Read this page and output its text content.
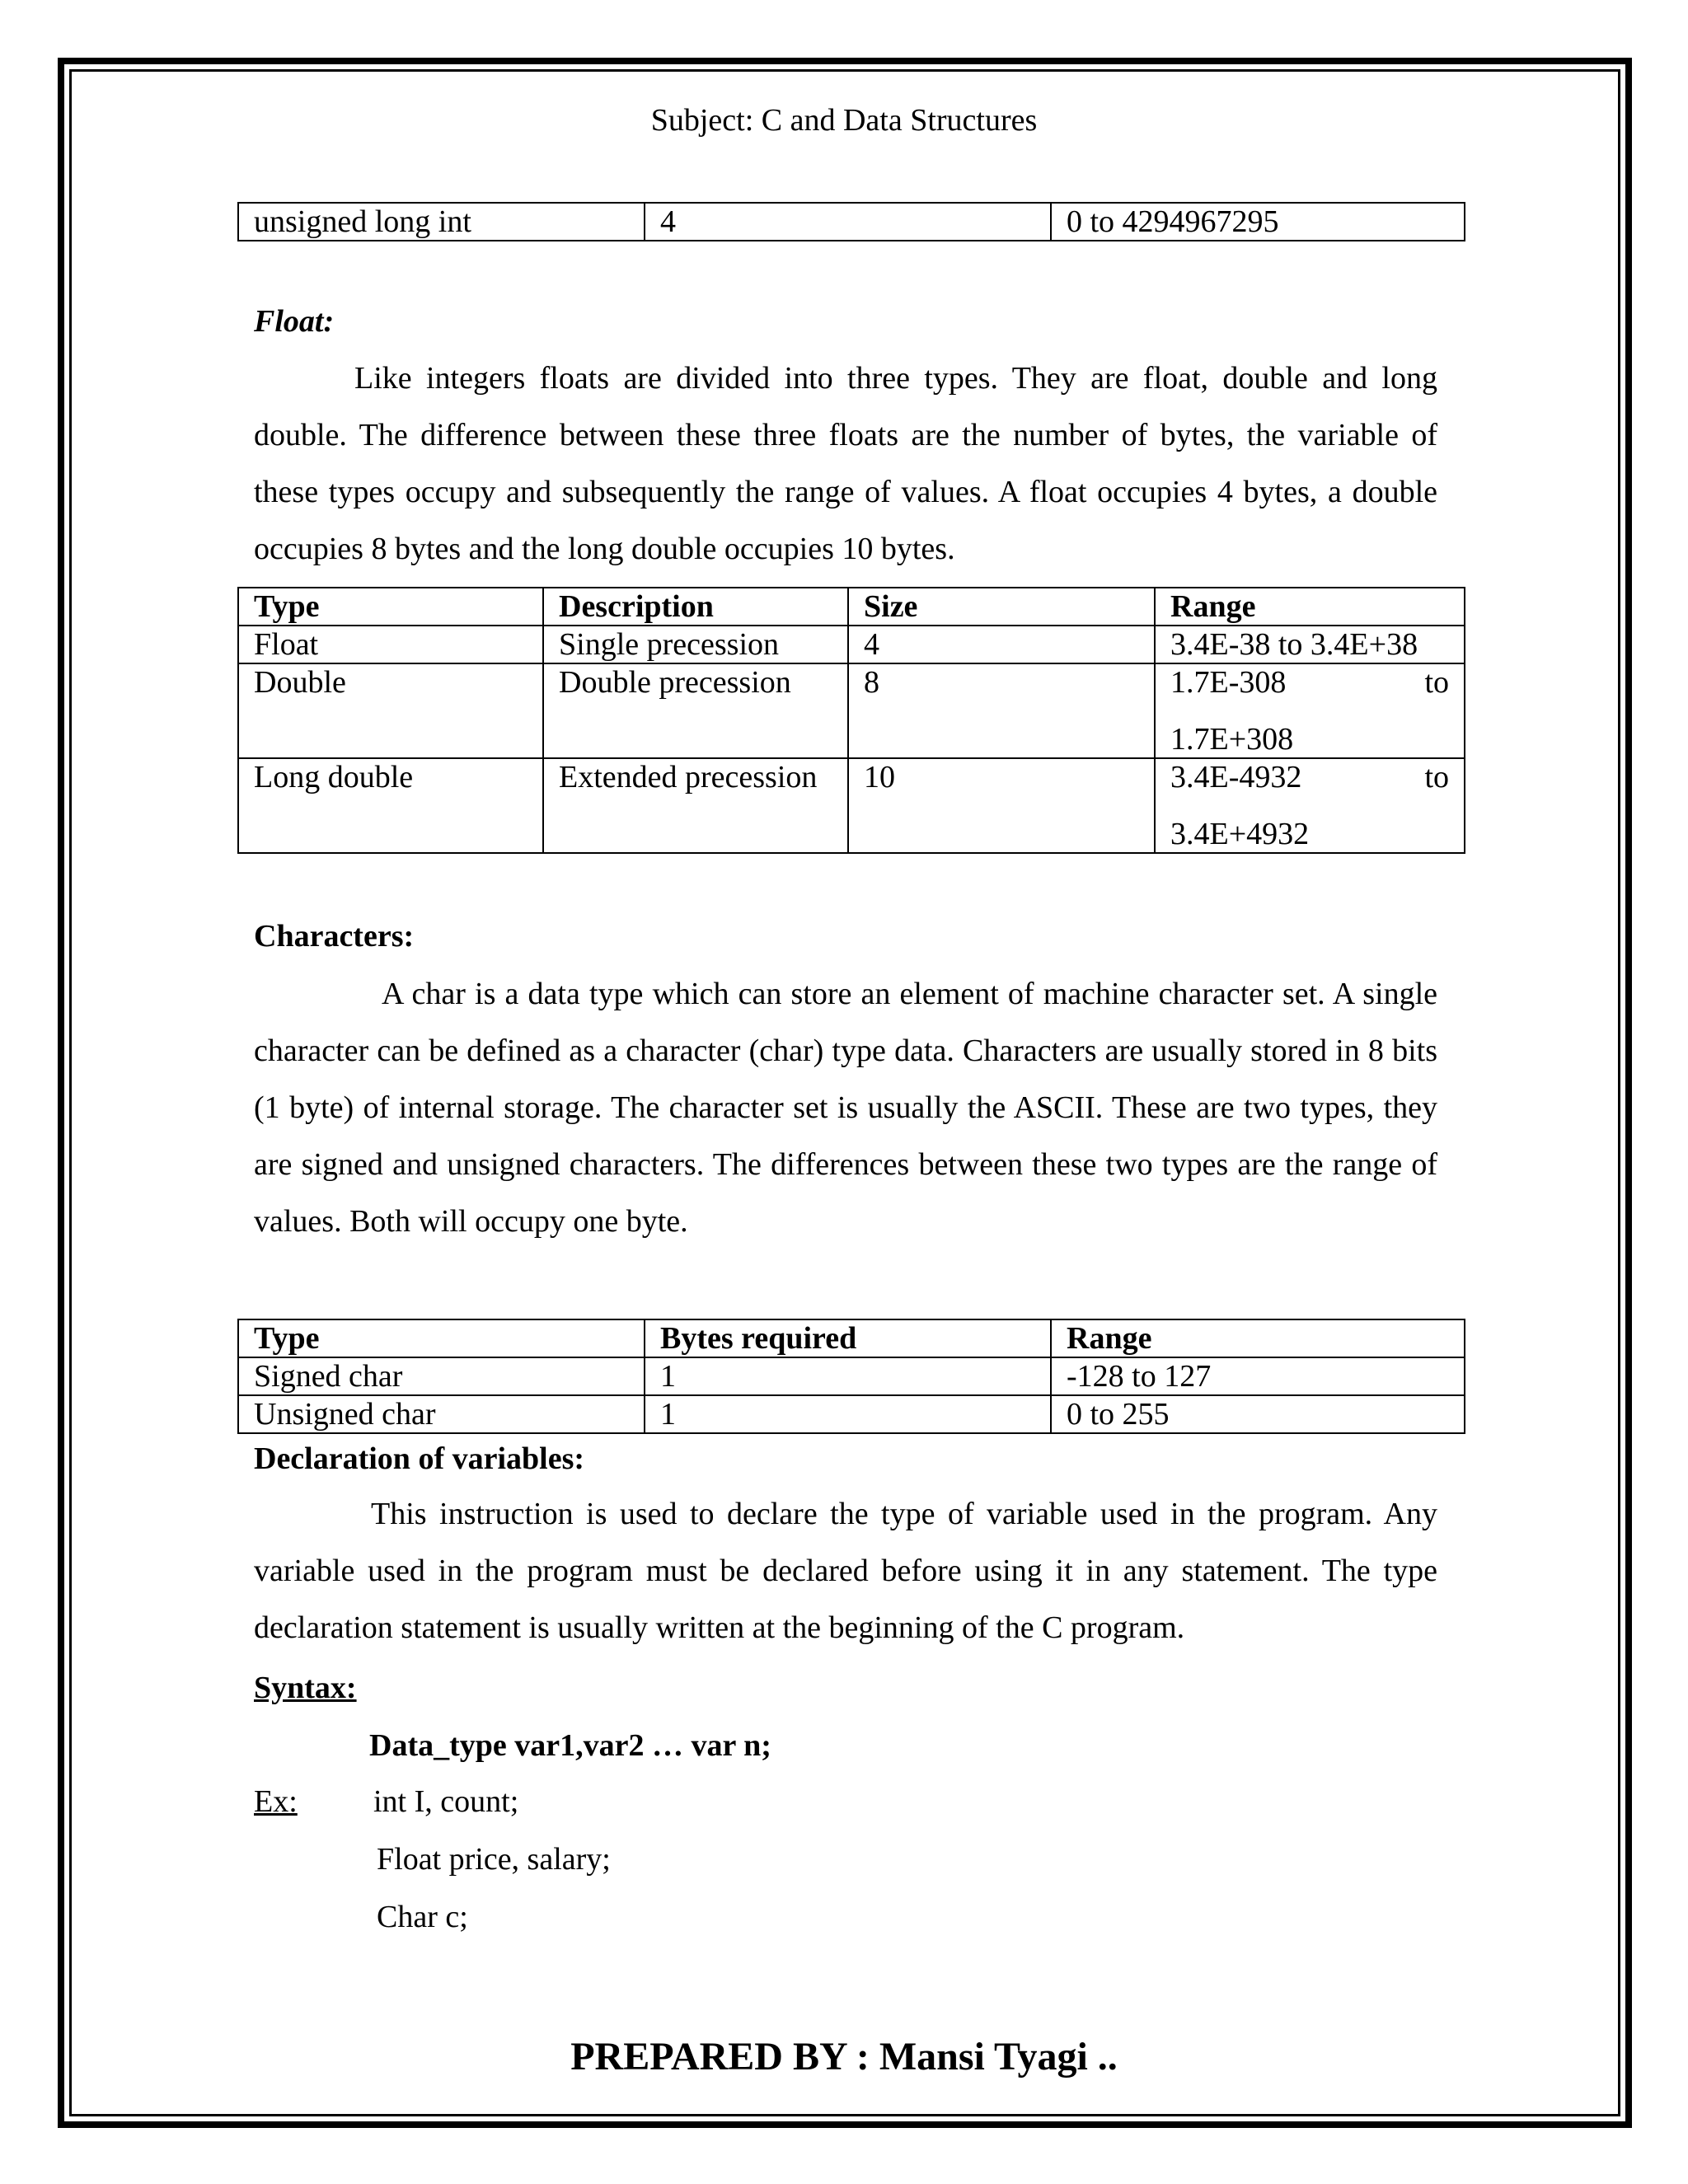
Subject: C and Data Structures
unsigned long int	4	0 to 4294967295
Float:

Like integers floats are divided into three types. They are float, double and long double. The difference between these three floats are the number of bytes, the variable of these types occupy and subsequently the range of values. A float occupies 4 bytes, a double occupies 8 bytes and the long double occupies 10 bytes.

Type	Description	Size	Range
Float	Single precession	4	3.4E-38 to 3.4E+38
Double	Double precession	8	1.7E-308 to
1.7E+308

Long double	Extended precession	10	3.4E-4932 to
3.4E+4932
Characters:

A char is a data type which can store an element of machine character set. A single character can be defined as a character (char) type data. Characters are usually stored in 8 bits (1 byte) of internal storage. The character set is usually the ASCII. These are two types, they are signed and unsigned characters. The differences between these two types are the range of values. Both will occupy one byte.

Type	Bytes required	Range
Signed char	1	-128 to 127
Unsigned char	1	0 to 255
Declaration of variables:

This instruction is used to declare the type of variable used in the program. Any variable used in the program must be declared before using it in any statement. The type declaration statement is usually written at the beginning of the C program.

Syntax:
Data_type var1,var2 … var n;
Ex: int I, count;
Float price, salary;
Char c;
PREPARED BY : Mansi Tyagi ..
